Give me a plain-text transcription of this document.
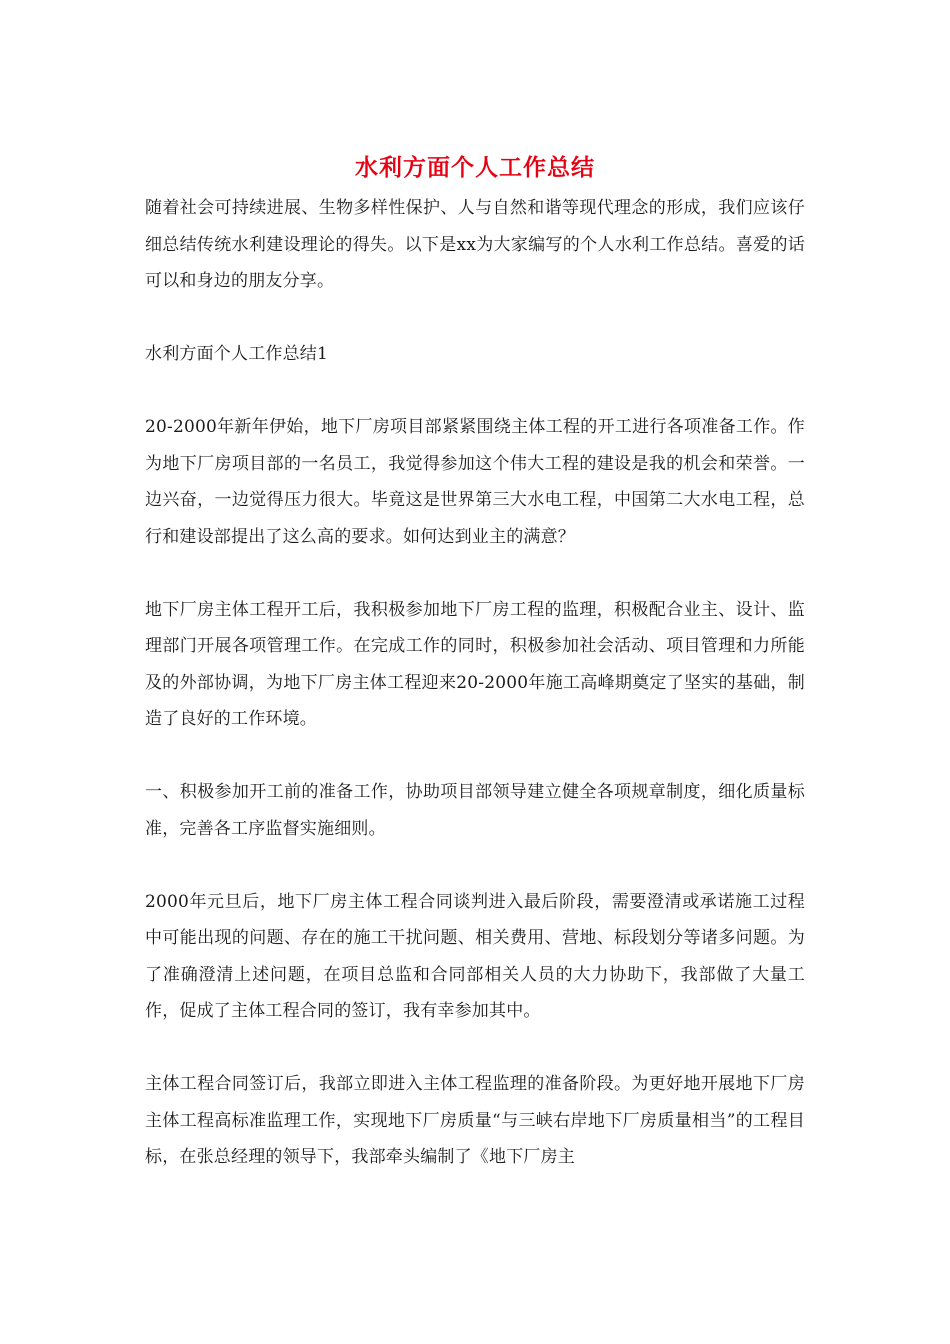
水利方面个人工作总结

随着社会可持续进展、生物多样性保护、人与自然和谐等现代理念的形成，我们应该仔细总结传统水利建设理论的得失。以下是xx为大家编写的个人水利工作总结。喜爱的话可以和身边的朋友分享。

水利方面个人工作总结1

20-2000年新年伊始，地下厂房项目部紧紧围绕主体工程的开工进行各项准备工作。作为地下厂房项目部的一名员工，我觉得参加这个伟大工程的建设是我的机会和荣誉。一边兴奋，一边觉得压力很大。毕竟这是世界第三大水电工程，中国第二大水电工程，总行和建设部提出了这么高的要求。如何达到业主的满意？

地下厂房主体工程开工后，我积极参加地下厂房工程的监理，积极配合业主、设计、监理部门开展各项管理工作。在完成工作的同时，积极参加社会活动、项目管理和力所能及的外部协调，为地下厂房主体工程迎来20-2000年施工高峰期奠定了坚实的基础，制造了良好的工作环境。

一、积极参加开工前的准备工作，协助项目部领导建立健全各项规章制度，细化质量标准，完善各工序监督实施细则。

2000年元旦后，地下厂房主体工程合同谈判进入最后阶段，需要澄清或承诺施工过程中可能出现的问题、存在的施工干扰问题、相关费用、营地、标段划分等诸多问题。为了准确澄清上述问题，在项目总监和合同部相关人员的大力协助下，我部做了大量工作，促成了主体工程合同的签订，我有幸参加其中。

主体工程合同签订后，我部立即进入主体工程监理的准备阶段。为更好地开展地下厂房主体工程高标准监理工作，实现地下厂房质量“与三峡右岸地下厂房质量相当”的工程目标，在张总经理的领导下，我部牵头编制了《地下厂房主
